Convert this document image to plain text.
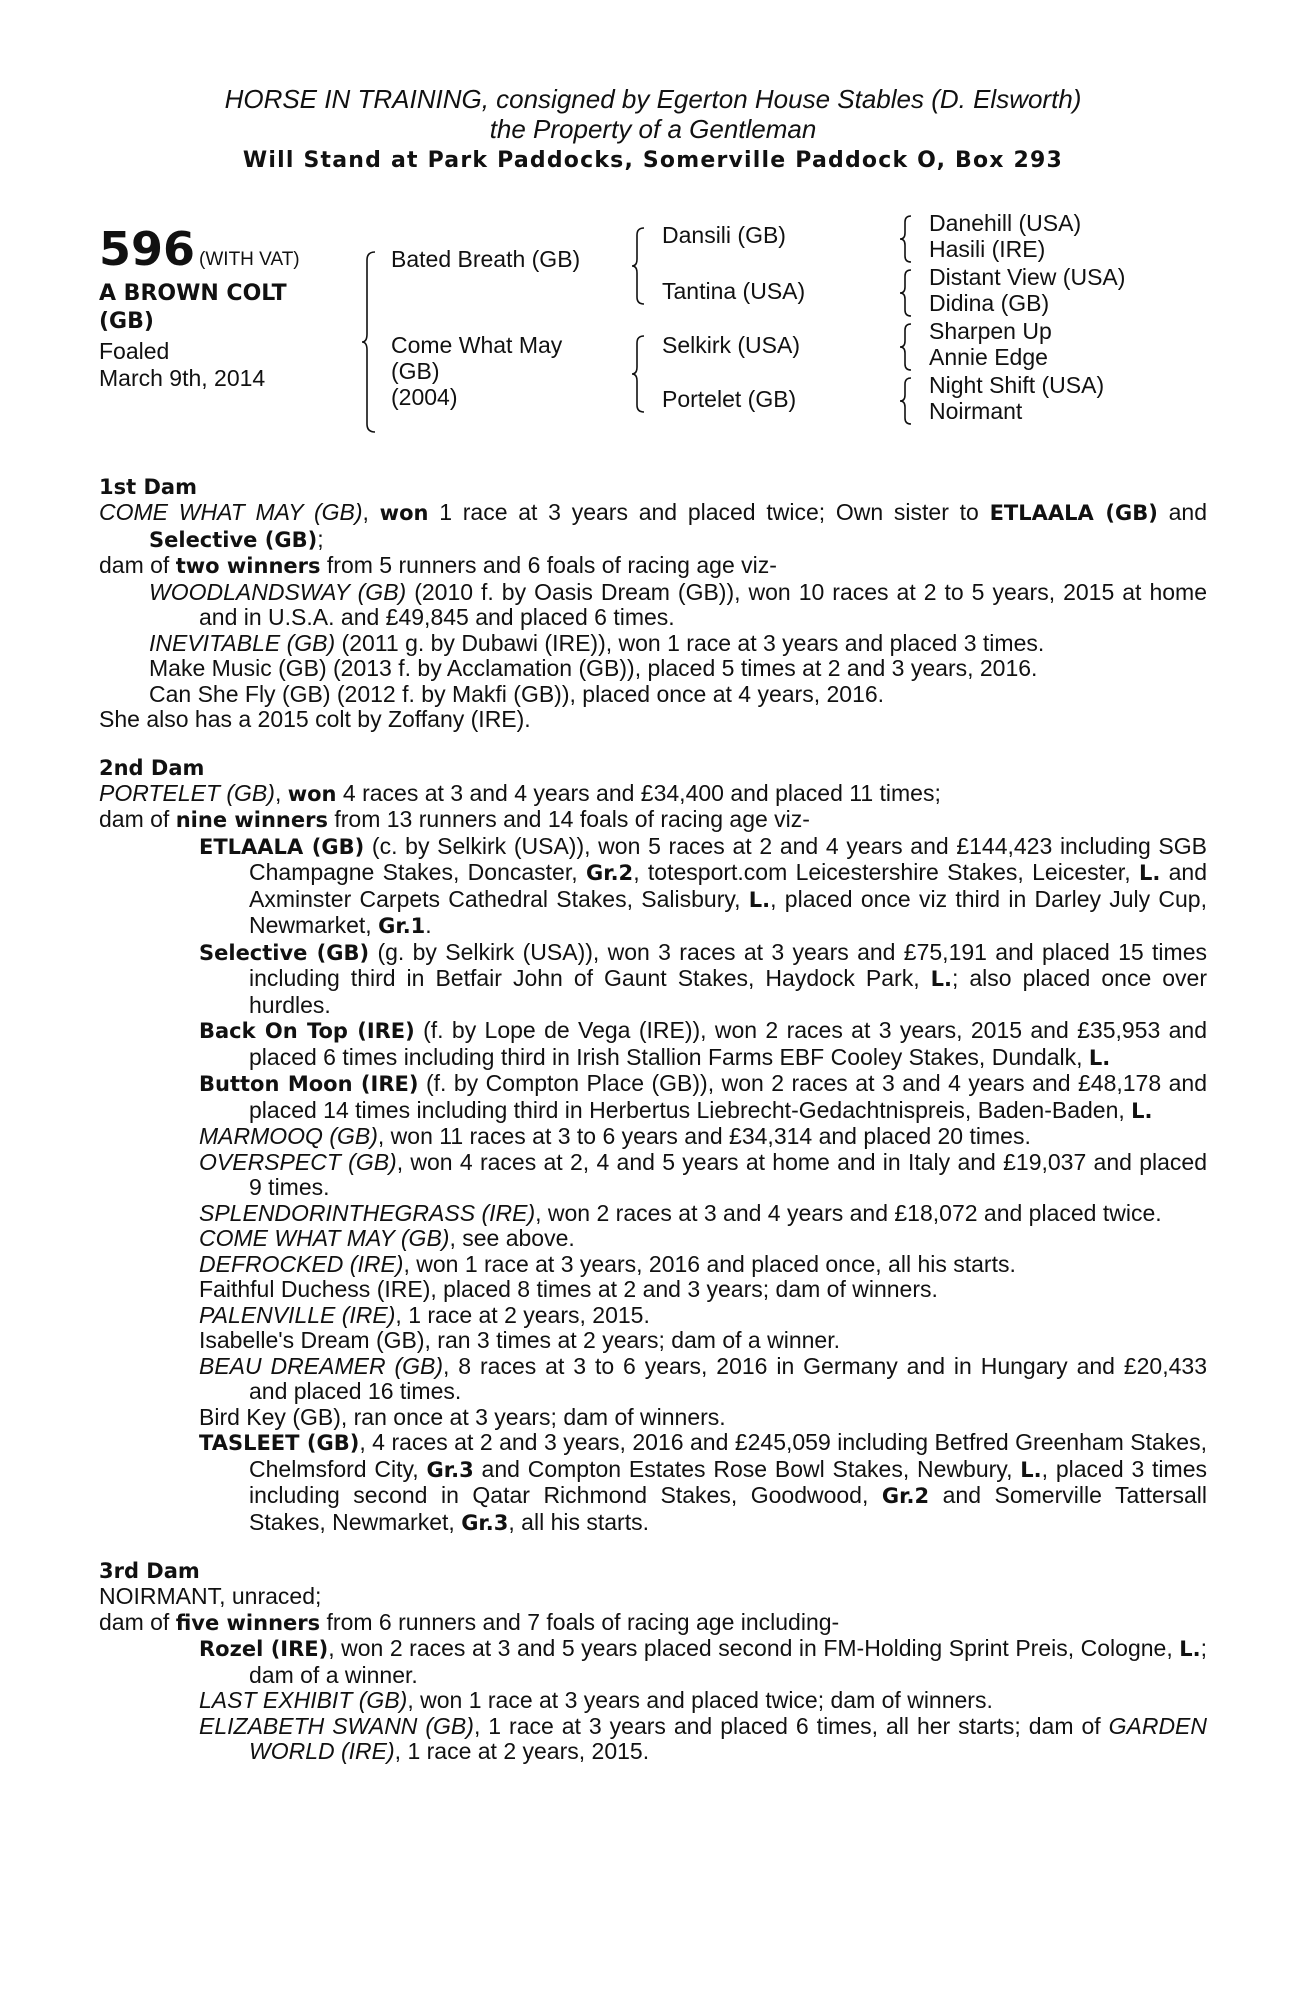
HORSE IN TRAINING, consigned by Egerton House Stables (D. Elsworth)
the Property of a Gentleman
Will Stand at Park Paddocks, Somerville Paddock O, Box 293
596 (WITH VAT)
A BROWN COLT
(GB)
Foaled
March 9th, 2014
Bated Breath (GB)
Come What May
(GB)
(2004)
Dansili (GB)
Tantina (USA)
Selkirk (USA)
Portelet (GB)
Danehill (USA)
Hasili (IRE)
Distant View (USA)
Didina (GB)
Sharpen Up
Annie Edge
Night Shift (USA)
Noirmant
1st Dam
COME WHAT MAY (GB), won 1 race at 3 years and placed twice; Own sister to ETLAALA (GB) and Selective (GB);
dam of two winners from 5 runners and 6 foals of racing age viz-
WOODLANDSWAY (GB) (2010 f. by Oasis Dream (GB)), won 10 races at 2 to 5 years, 2015 at home and in U.S.A. and £49,845 and placed 6 times.
INEVITABLE (GB) (2011 g. by Dubawi (IRE)), won 1 race at 3 years and placed 3 times.
Make Music (GB) (2013 f. by Acclamation (GB)), placed 5 times at 2 and 3 years, 2016.
Can She Fly (GB) (2012 f. by Makfi (GB)), placed once at 4 years, 2016.
She also has a 2015 colt by Zoffany (IRE).
2nd Dam
PORTELET (GB), won 4 races at 3 and 4 years and £34,400 and placed 11 times;
dam of nine winners from 13 runners and 14 foals of racing age viz-
ETLAALA (GB) (c. by Selkirk (USA)), won 5 races at 2 and 4 years and £144,423 including SGB Champagne Stakes, Doncaster, Gr.2, totesport.com Leicestershire Stakes, Leicester, L. and Axminster Carpets Cathedral Stakes, Salisbury, L., placed once viz third in Darley July Cup, Newmarket, Gr.1.
Selective (GB) (g. by Selkirk (USA)), won 3 races at 3 years and £75,191 and placed 15 times including third in Betfair John of Gaunt Stakes, Haydock Park, L.; also placed once over hurdles.
Back On Top (IRE) (f. by Lope de Vega (IRE)), won 2 races at 3 years, 2015 and £35,953 and placed 6 times including third in Irish Stallion Farms EBF Cooley Stakes, Dundalk, L.
Button Moon (IRE) (f. by Compton Place (GB)), won 2 races at 3 and 4 years and £48,178 and placed 14 times including third in Herbertus Liebrecht-Gedachtnispreis, Baden-Baden, L.
MARMOOQ (GB), won 11 races at 3 to 6 years and £34,314 and placed 20 times.
OVERSPECT (GB), won 4 races at 2, 4 and 5 years at home and in Italy and £19,037 and placed 9 times.
SPLENDORINTHEGRASS (IRE), won 2 races at 3 and 4 years and £18,072 and placed twice.
COME WHAT MAY (GB), see above.
DEFROCKED (IRE), won 1 race at 3 years, 2016 and placed once, all his starts.
Faithful Duchess (IRE), placed 8 times at 2 and 3 years; dam of winners.
PALENVILLE (IRE), 1 race at 2 years, 2015.
Isabelle's Dream (GB), ran 3 times at 2 years; dam of a winner.
BEAU DREAMER (GB), 8 races at 3 to 6 years, 2016 in Germany and in Hungary and £20,433 and placed 16 times.
Bird Key (GB), ran once at 3 years; dam of winners.
TASLEET (GB), 4 races at 2 and 3 years, 2016 and £245,059 including Betfred Greenham Stakes, Chelmsford City, Gr.3 and Compton Estates Rose Bowl Stakes, Newbury, L., placed 3 times including second in Qatar Richmond Stakes, Goodwood, Gr.2 and Somerville Tattersall Stakes, Newmarket, Gr.3, all his starts.
3rd Dam
NOIRMANT, unraced;
dam of five winners from 6 runners and 7 foals of racing age including-
Rozel (IRE), won 2 races at 3 and 5 years placed second in FM-Holding Sprint Preis, Cologne, L.; dam of a winner.
LAST EXHIBIT (GB), won 1 race at 3 years and placed twice; dam of winners.
ELIZABETH SWANN (GB), 1 race at 3 years and placed 6 times, all her starts; dam of GARDEN WORLD (IRE), 1 race at 2 years, 2015.
